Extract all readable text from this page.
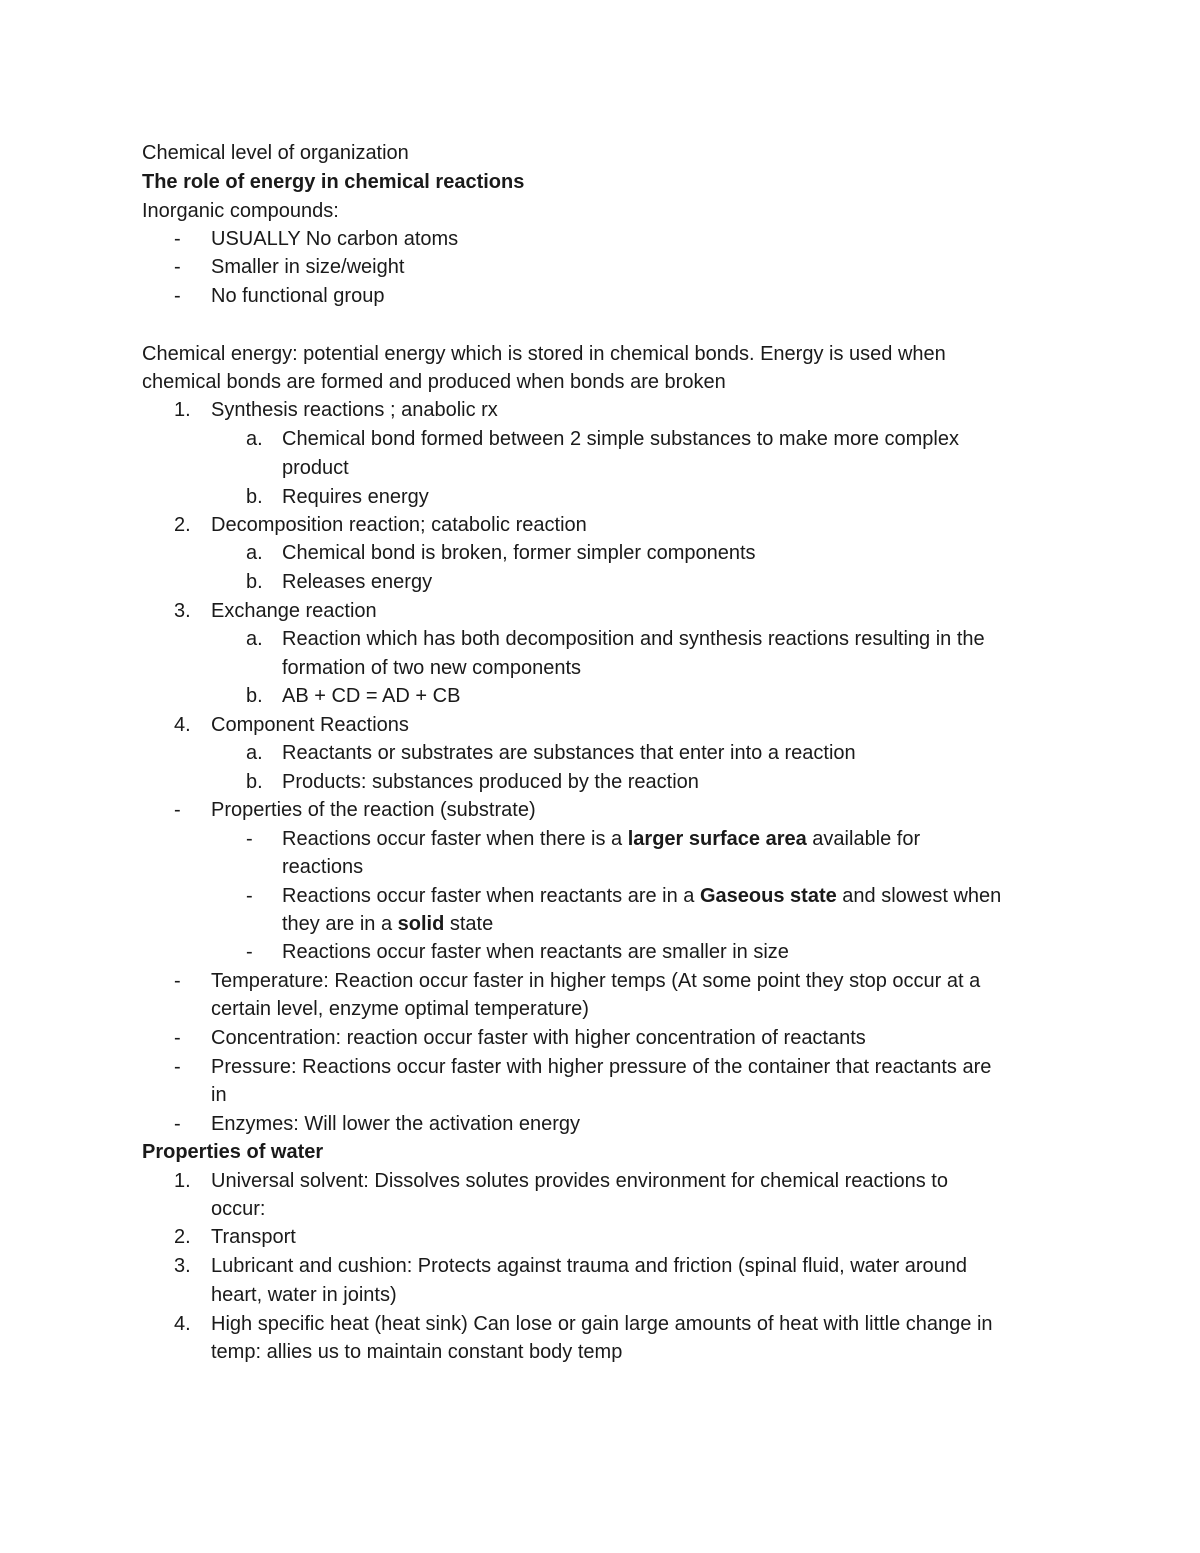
Chemical level of organization
The role of energy in chemical reactions
Inorganic compounds:
- USUALLY No carbon atoms
- Smaller in size/weight
- No functional group
Chemical energy: potential energy which is stored in chemical bonds. Energy is used when
chemical bonds are formed and produced when bonds are broken
1. Synthesis reactions ; anabolic rx
a. Chemical bond formed between 2 simple substances to make more complex
product
b. Requires energy
2. Decomposition reaction; catabolic reaction
a. Chemical bond is broken, former simpler components
b. Releases energy
3. Exchange reaction
a. Reaction which has both decomposition and synthesis reactions resulting in the
formation of two new components
b. AB + CD = AD + CB
4. Component Reactions
a. Reactants or substrates are substances that enter into a reaction
b. Products: substances produced by the reaction
- Properties of the reaction (substrate)
- Reactions occur faster when there is a larger surface area available for
reactions
- Reactions occur faster when reactants are in a Gaseous state and slowest when
they are in a solid state
- Reactions occur faster when reactants are smaller in size
- Temperature: Reaction occur faster in higher temps (At some point they stop occur at a
certain level, enzyme optimal temperature)
- Concentration: reaction occur faster with higher concentration of reactants
- Pressure: Reactions occur faster with higher pressure of the container that reactants are
in
- Enzymes: Will lower the activation energy
Properties of water
1. Universal solvent: Dissolves solutes provides environment for chemical reactions to
occur:
2. Transport
3. Lubricant and cushion: Protects against trauma and friction (spinal fluid, water around
heart, water in joints)
4. High specific heat (heat sink) Can lose or gain large amounts of heat with little change in
temp: allies us to maintain constant body temp
